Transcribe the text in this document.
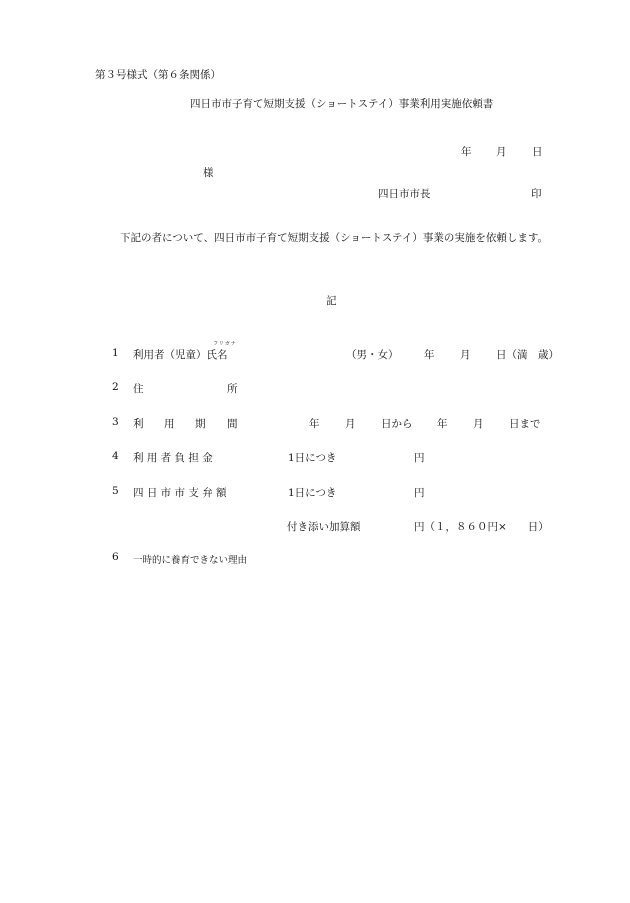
第３号様式（第６条関係）
四日市市子育て短期支援（ショートステイ）事業利用実施依頼書
年 月 日
様
四日市市長	印
下記の者について、四日市市子育て短期支援（ショートステイ）事業の実施を依頼します。
記
1 利用者（児童）氏名
フリガナ
（男・女） 年 月 日（満　歳）
2 住	所
3 利 用 期 間	年 月 日から 年 月 日まで
4 利 用 者 負 担 金	1日につき	円
5 四 日 市 市 支 弁 額	1日につき	円
付き添い加算額	円（１，８６０円×　　日）
6 一時的に養育できない理由
